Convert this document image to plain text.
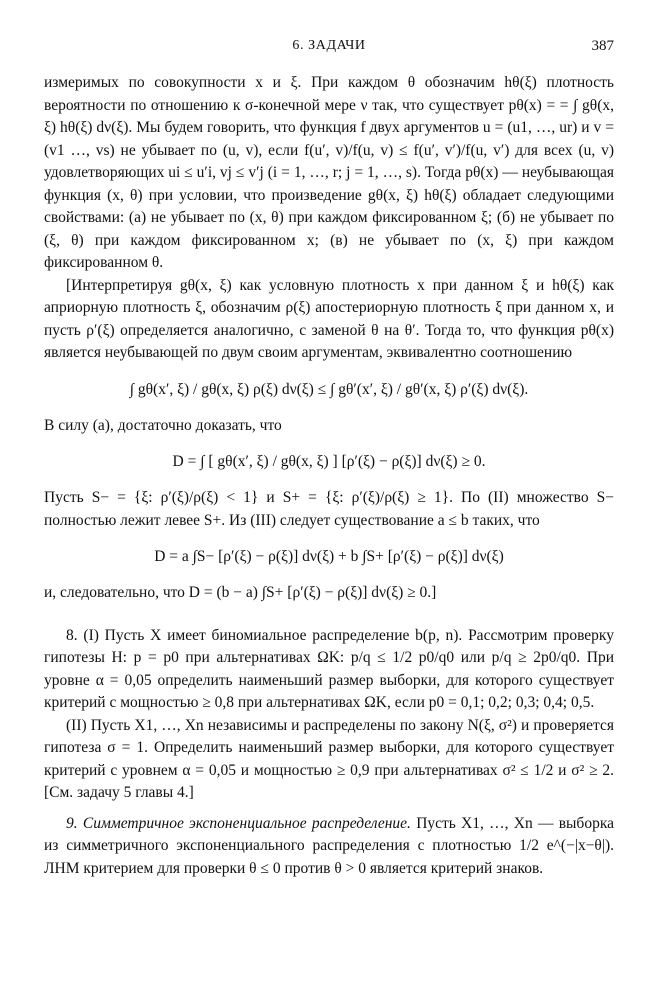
6. ЗАДАЧИ	387

измеримых по совокупности x и ξ. При каждом θ обозначим hθ(ξ) плотность вероятности по отношению к σ-конечной мере ν так, что существует pθ(x) = = ∫ gθ(x, ξ) hθ(ξ) dν(ξ). Мы будем говорить, что функция f двух аргументов u = (u1, …, ur) и v = (v1 …, vs) не убывает по (u, v), если f(u′, v)/f(u, v) ≤ f(u′, v′)/f(u, v′) для всех (u, v) удовлетворяющих ui ≤ u′i, vj ≤ v′j (i = 1, …, r; j = 1, …, s). Тогда pθ(x) — неубывающая функция (x, θ) при условии, что произведение gθ(x, ξ) hθ(ξ) обладает следующими свойствами: (а) не убывает по (x, θ) при каждом фиксированном ξ; (б) не убывает по (ξ, θ) при каждом фиксированном x; (в) не убывает по (x, ξ) при каждом фиксированном θ.

[Интерпретируя gθ(x, ξ) как условную плотность x при данном ξ и hθ(ξ) как априорную плотность ξ, обозначим ρ(ξ) апостериорную плотность ξ при данном x, и пусть ρ′(ξ) определяется аналогично, с заменой θ на θ′. Тогда то, что функция pθ(x) является неубывающей по двум своим аргументам, эквивалентно соотношению

∫ gθ(x′, ξ) / gθ(x, ξ) ρ(ξ) dν(ξ) ≤ ∫ gθ′(x′, ξ) / gθ′(x, ξ) ρ′(ξ) dν(ξ).

В силу (а), достаточно доказать, что

D = ∫ [ gθ(x′, ξ) / gθ(x, ξ) ] [ρ′(ξ) − ρ(ξ)] dν(ξ) ≥ 0.

Пусть S− = {ξ: ρ′(ξ)/ρ(ξ) < 1} и S+ = {ξ: ρ′(ξ)/ρ(ξ) ≥ 1}. По (II) множество S− полностью лежит левее S+. Из (III) следует существование a ≤ b таких, что

D = a ∫S− [ρ′(ξ) − ρ(ξ)] dν(ξ) + b ∫S+ [ρ′(ξ) − ρ(ξ)] dν(ξ)

и, следовательно, что D = (b − a) ∫S+ [ρ′(ξ) − ρ(ξ)] dν(ξ) ≥ 0.]

8. (I) Пусть X имеет биномиальное распределение b(p, n). Рассмотрим проверку гипотезы H: p = p0 при альтернативах ΩK: p/q ≤ 1/2 p0/q0 или p/q ≥ 2p0/q0. При уровне α = 0,05 определить наименьший размер выборки, для которого существует критерий с мощностью ≥ 0,8 при альтернативах ΩK, если p0 = 0,1; 0,2; 0,3; 0,4; 0,5.

(II) Пусть X1, …, Xn независимы и распределены по закону N(ξ, σ²) и проверяется гипотеза σ = 1. Определить наименьший размер выборки, для которого существует критерий с уровнем α = 0,05 и мощностью ≥ 0,9 при альтернативах σ² ≤ 1/2 и σ² ≥ 2. [См. задачу 5 главы 4.]

9. Симметричное экспоненциальное распределение. Пусть X1, …, Xn — выборка из симметричного экспоненциального распределения с плотностью 1/2 e^(−|x−θ|). ЛНМ критерием для проверки θ ≤ 0 против θ > 0 является критерий знаков.
